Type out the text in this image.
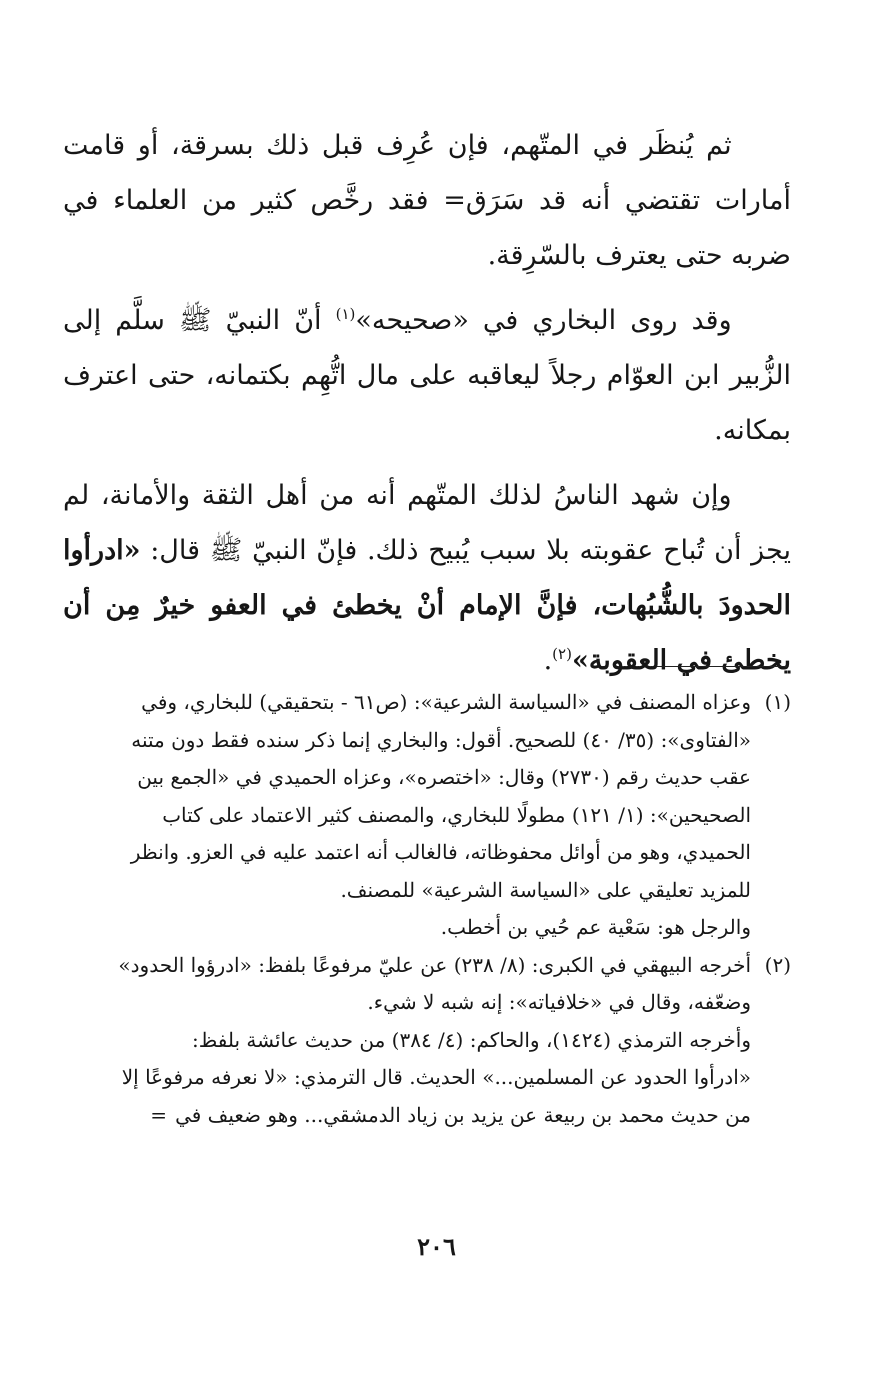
ثم يُنظَر في المتّهم، فإن عُرِف قبل ذلك بسرقة، أو قامت أمارات تقتضي أنه قد سَرَق= فقد رخَّص كثير من العلماء في ضربه حتى يعترف بالسّرِقة.

وقد روى البخاري في «صحيحه»$^{(١)}$ أنّ النبيّ ﷺ سلَّم إلى الزُّبير ابن العوّام رجلاً ليعاقبه على مال اتُّهِم بكتمانه، حتى اعترف بمكانه.

وإن شهد الناسُ لذلك المتّهم أنه من أهل الثقة والأمانة، لم يجز أن تُباح عقوبته بلا سبب يُبيح ذلك. فإنّ النبيّ ﷺ قال: «ادرأوا الحدودَ بالشُّبُهات، فإنَّ الإمام أنْ يخطئ في العفو خيرٌ مِن أن يخطئ في العقوبة»$^{(٢)}$.

(١)
وعزاه المصنف في «السياسة الشرعية»: (ص٦١ - بتحقيقي) للبخاري، وفي
«الفتاوى»: (٣٥/ ٤٠) للصحيح. أقول: والبخاري إنما ذكر سنده فقط دون متنه
عقب حديث رقم (٢٧٣٠) وقال: «اختصره»، وعزاه الحميدي في «الجمع بين
الصحيحين»: (١/ ١٢١) مطولًا للبخاري، والمصنف كثير الاعتماد على كتاب
الحميدي، وهو من أوائل محفوظاته، فالغالب أنه اعتمد عليه في العزو. وانظر
للمزيد تعليقي على «السياسة الشرعية» للمصنف.
والرجل هو: سَعْية عم حُيي بن أخطب.
(٢)
أخرجه البيهقي في الكبرى: (٨/ ٢٣٨) عن عليّ مرفوعًا بلفظ: «ادرؤوا الحدود»
وضعّفه، وقال في «خلافياته»: إنه شبه لا شيء.
وأخرجه الترمذي (١٤٢٤)، والحاكم: (٤/ ٣٨٤) من حديث عائشة بلفظ:
«ادرأوا الحدود عن المسلمين...» الحديث. قال الترمذي: «لا نعرفه مرفوعًا إلا
من حديث محمد بن ربيعة عن يزيد بن زياد الدمشقي... وهو ضعيف في=
٢٠٦
